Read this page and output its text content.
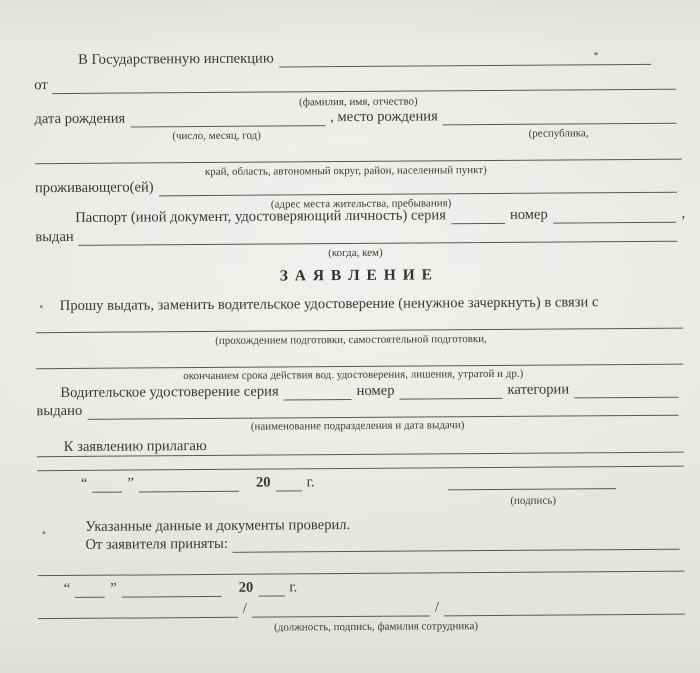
В Государственную инспекцию
от
(фамилия, имя, отчество)
дата рождения	, место рождения
(число, месяц, год)	(республика,
край, область, автономный округ, район, населенный пункт)
проживающего(ей)
(адрес места жительства, пребывания)
Паспорт (иной документ, удостоверяющий личность) серия	номер	,
выдан
(когда, кем)
З А Я В Л Е Н И Е
Прошу выдать, заменить водительское удостоверение (ненужное зачеркнуть) в связи с
(прохождением подготовки, самостоятельной подготовки,
окончанием срока действия вод. удостоверения, лишения, утратой и др.)
Водительское удостоверение серия	номер	категории
выдано
(наименование подразделения и дата выдачи)
К заявлению прилагаю
“	”	20 г.
(подпись)
Указанные данные и документы проверил.
От заявителя приняты:
“	”	20 г.
/	/
(должность, подпись, фамилия сотрудника)
